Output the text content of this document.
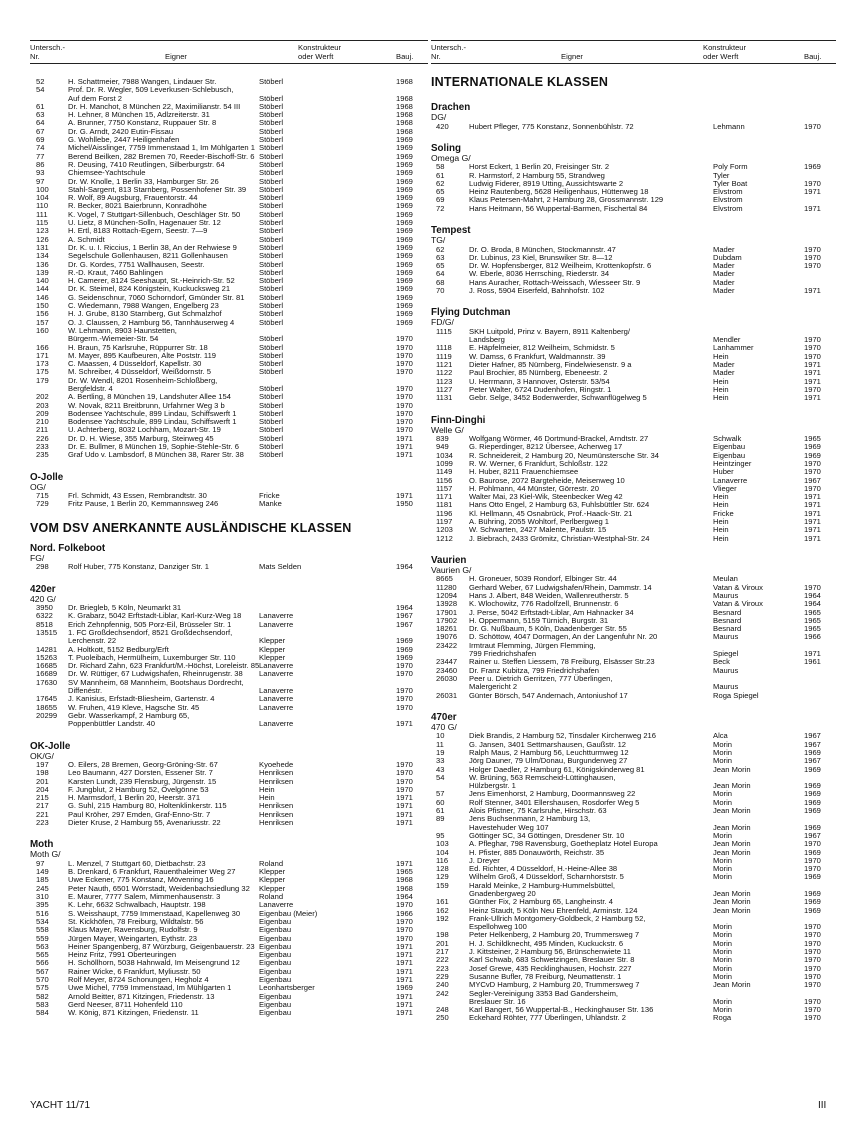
Untersch.-
Nr.	Eigner
Konstrukteur
oder Werft	Bauj.
52	H. Schattmeier, 7988 Wangen, Lindauer Str.	Stöberl	1968
54	Prof. Dr. R. Wegler, 509 Leverkusen-Schlebusch,
Auf dem Forst 2	Stöberl	1968
61	Dr. H. Manchot, 8 München 22, Maximilianstr. 54 III Stöberl	1968
63	H. Lehner, 8 München 15, Adlzreiterstr. 31	Stöberl	1968
64	A. Brunner, 7750 Konstanz, Ruppauer Str. 8	Stöberl	1968
67	Dr. G. Arndt, 2420 Eutin-Fissau	Stöberl	1968
69	G. Wohllebe, 2447 Heiligenhafen	Stöberl	1969
74	Michel/Aisslinger, 7759 Immenstaad 1, Im Mühlgarten 1 Stöberl	1969
77	Berend Beilken, 282 Bremen 70, Reeder-Bischoff-Str. 6 Stöberl	1969
86	R. Deusing, 7410 Reutlingen, Silberburgstr. 64	Stöberl	1969
93	Chiemsee-Yachtschule	Stöberl	1969
97	Dr. W. Knolle, 1 Berlin 33, Hamburger Str. 26	Stöberl	1969
100	Stahl-Sargent, 813 Starnberg, Possenhofener Str. 39 Stöberl	1969
104	R. Wolf, 89 Augsburg, Frauentorstr. 44	Stöberl	1969
110	R. Becker, 8021 Baierbrunn, Konradhöhe	Stöberl	1969
111	K. Vogel, 7 Stuttgart-Sillenbuch, Oeschläger Str. 50 Stöberl	1969
115	U. Lietz, 8 München-Solln, Hagenauer Str. 12	Stöberl	1969
123	H. Ertl, 8183 Rottach-Egern, Seestr. 7—9	Stöberl	1969
126	A. Schmidt	Stöberl	1969
131	Dr. K. u. I. Riccius, 1 Berlin 38, An der Rehwiese 9	Stöberl	1969
134	Segelschule Gollenhausen, 8211 Gollenhausen	Stöberl	1969
136	Dr. G. Kordes, 7751 Wallhausen, Seestr.	Stöberl	1969
139	R.-D. Kraut, 7460 Bahlingen	Stöberl	1969
140	H. Camerer, 8124 Seeshaupt, St.-Heinrich-Str. 52	Stöberl	1969
144	Dr. K. Steimel, 824 Königstein, Kuckucksweg 21	Stöberl	1969
146	G. Seidenschnur, 7060 Schorndorf, Gmünder Str. 81 Stöberl	1969
150	C. Wiedemann, 7988 Wangen, Engelberg 23	Stöberl	1969
156	H. J. Grube, 8130 Starnberg, Gut Schmalzhof	Stöberl	1969
157	O. J. Claussen, 2 Hamburg 56, Tannhäuserweg 4	Stöberl	1969
160	W. Lehmann, 8903 Haunstetten,
Bürgerm.-Wiemeier-Str. 54	Stöberl	1970
166	H. Braun, 75 Karlsruhe, Rüppurrer Str. 18	Stöberl	1970
171	M. Mayer, 895 Kaufbeuren, Alte Poststr. 119	Stöberl	1970
173	C. Maassen, 4 Düsseldorf, Kapellstr. 30	Stöberl	1970
175	M. Schreiber, 4 Düsseldorf, Weißdornstr. 5	Stöberl	1970
179	Dr. W. Wendl, 8201 Rosenheim-Schloßberg,
Bergfeldstr. 4	Stöberl	1970
202	A. Bertling, 8 München 19, Landshuter Allee 154	Stöberl	1970
203	W. Novak, 8211 Breitbrunn, Urfahrner Weg 3 b	Stöberl	1970
209	Bodensee Yachtschule, 899 Lindau, Schiffswerft 1	Stöberl	1970
210	Bodensee Yachtschule, 899 Lindau, Schiffswerft 1	Stöberl	1970
211	U. Achterberg, 8032 Lochham, Mozart-Str. 19	Stöberl	1970
226	Dr. D. H. Wiese, 355 Marburg, Steinweg 45	Stöberl	1971
233	Dr. E. Bullmer, 8 München 19, Sophie-Stehle-Str. 6	Stöberl	1971
235	Graf Udo v. Lambsdorf, 8 München 38, Rarer Str. 38 Stöberl	1971
O-Jolle
OG/
715	Frl. Schmidt, 43 Essen, Rembrandtstr. 30	Fricke	1971
729	Fritz Pause, 1 Berlin 20, Kemmannsweg 246	Manke	1950
VOM DSV ANERKANNTE AUSLÄNDISCHE KLASSEN
Nord. Folkeboot
FG/
298	Rolf Huber, 775 Konstanz, Danziger Str. 1	Mats Selden	1964
420er
420 G/
3950 Dr. Briegleb, 5 Köln, Neumarkt 31	1964
6322 K. Grabarz, 5042 Erftstadt-Liblar, Karl-Kurz-Weg 18 Lanaverre	1967
8518 Erich Zehnpfennig, 505 Porz-Eil, Brüsseler Str. 1	Lanaverre	1967
13515 1. FC Großdechsendorf, 8521 Großdechsendorf,
Lerchenstr. 22	Klepper	1969
14281 A. Holtkott, 5152 Bedburg/Erft	Klepper	1969
15263 T. Puoleibach, Hermülheim, Luxemburger Str. 110	Klepper	1969
16685 Dr. Richard Zahn, 623 Frankfurt/M.-Höchst, Loreleistr. 85 Lanaverre	1970
16689 Dr. W. Rüttiger, 67 Ludwigshafen, Rheinrugenstr. 38 Lanaverre	1970
17630 SV Mannheim, 68 Mannheim, Bootshaus Dordrecht,
Diffenéstr.	Lanaverre	1970
17645 J. Kanisius, Erfstadt-Bliesheim, Gartenstr. 4	Lanaverre	1970
18655 W. Fruhen, 419 Kleve, Hagsche Str. 45	Lanaverre	1970
20299 Gebr. Wasserkampf, 2 Hamburg 65,
Poppenbüttler Landstr. 40	Lanaverre	1971
OK-Jolle
OK/G/
197	O. Eilers, 28 Bremen, Georg-Gröning-Str. 67	Kyoehede	1970
198	Leo Baumann, 427 Dorsten, Essener Str. 7	Henriksen	1970
201	Karsten Lundt, 239 Flensburg, Jürgenstr. 15	Henriksen	1970
204	F. Jungblut, 2 Hamburg 52, Övelgönne 53	Hein	1970
215	H. Marmsdorf, 1 Berlin 20, Heerstr. 371	Hein	1971
217	G. Suhl, 215 Hamburg 80, Holtenklinkerstr. 115	Henriksen	1971
221	Paul Kröher, 297 Emden, Graf-Enno-Str. 7	Henriksen	1971
223	Dieter Kruse, 2 Hamburg 55, Avenariusstr. 22	Henriksen	1971
Moth
Moth G/
97	L. Menzel, 7 Stuttgart 60, Dietbachstr. 23	Roland	1971
149	B. Drenkard, 6 Frankfurt, Rauenthaleimer Weg 27	Klepper	1965
185	Uwe Eckener, 775 Konstanz, Mövenring 16	Klepper	1968
245	Peter Nauth, 6501 Wörrstadt, Weidenbachsiedlung 32 Klepper	1968
310	E. Maurer, 7777 Salem, Mimmenhausenstr. 3	Roland	1964
395	K. Lehr, 6632 Schwalbach, Hauptstr. 198	Lanaverre	1970
516	S. Weisshaupt, 7759 Immenstaad, Kapellenweg 30 Eigenbau (Meier)	1966
534	St. Kickhöfen, 78 Freiburg, Wildtalstr. 56	Eigenbau	1970
558	Klaus Mayer, Ravensburg, Rudolfstr. 9	Eigenbau	1970
559	Jürgen Mayer, Weingarten, Eythstr. 23	Eigenbau	1970
563	Heiner Spangenberg, 87 Würzburg, Geigenbauerstr. 23 Eigenbau	1971
565	Heinz Fritz, 7991 Oberteuringen	Eigenbau	1971
566	H. Schöllhorn, 5038 Hahnwald, Im Meisengrund 12	Eigenbau	1971
567	Rainer Wicke, 6 Frankfurt, Myliusstr. 50	Eigenbau	1971
570	Rolf Meyer, 8724 Schonungen, Hegholz 4	Eigenbau	1971
575	Uwe Michel, 7759 Immenstaad, Im Mühlgarten 1	Leonhartsberger	1969
582	Arnold Beitter, 871 Kitzingen, Friedenstr. 13	Eigenbau	1971
583	Gerd Neeser, 8711 Hohenfeld 110	Eigenbau	1971
584	W. König, 871 Kitzingen, Friedenstr. 11	Eigenbau	1971
Untersch.-
Nr.	Eigner
Konstrukteur
oder Werft	Bauj.
INTERNATIONALE KLASSEN
Drachen
DG/
420	Hubert Pfleger, 775 Konstanz, Sonnenbühlstr. 72	Lehmann	1970
Soling
Omega G/
58	Horst Eckert, 1 Berlin 20, Freisinger Str. 2	Poly Form	1969
61	R. Harmstorf, 2 Hamburg 55, Strandweg	Tyler
62	Ludwig Fiderer, 8919 Utting, Aussichtswarte 2	Tyler Boat	1970
65	Heinz Rautenberg, 5628 Heiligenhaus, Hüttenweg 18	Elvstrom	1971
69	Klaus Petersen-Mahrt, 2 Hamburg 28, Grossmannstr. 129	Elvstrom
72	Hans Heitmann, 56 Wuppertal-Barmen, Fischertal 84	Elvstrom	1971
Tempest
TG/
62	Dr. O. Broda, 8 München, Stockmannstr. 47	Mader	1970
63	Dr. Lubinus, 23 Kiel, Brunswiker Str. 8—12	Dubdam	1970
65	Dr. W. Hopfensberger, 812 Weilheim, Krottenkopfstr. 6	Mader	1970
64	W. Eberle, 8036 Herrsching, Riederstr. 34	Mader
68	Hans Auracher, Rottach-Weissach, Wiesseer Str. 9	Mader
70	J. Ross, 5904 Eiserfeld, Bahnhofstr. 102	Mader	1971
Flying Dutchman
FD/G/
1115 SKH Luitpold, Prinz v. Bayern, 8911 Kaltenberg/
Landsberg	Mendler	1970
1118 E. Häpfelmeier, 812 Weilheim, Schmidstr. 5	Lanhammer	1970
1119 W. Damss, 6 Frankfurt, Waldmannstr. 39	Hein	1970
1121 Dieter Hafner, 85 Nürnberg, Findelwiesenstr. 9 a	Mader	1971
1122 Paul Brochier, 85 Nürnberg, Ebeneestr. 2	Mader	1971
1123 U. Herrmann, 3 Hannover, Osterstr. 53/54	Hein	1971
1127 Peter Walter, 6724 Dudenhofen, Ringstr. 1	Hein	1970
1131 Gebr. Selge, 3452 Bodenwerder, Schwanflügelweg 5	Hein	1971
Finn-Dinghi
Welle G/
839	Wolfgang Wörmer, 46 Dortmund-Brackel, Arndtstr. 27	Schwalk	1965
949	G. Rieperdinger, 8212 Übersee, Acherweg 17	Eigenbau	1969
1034 R. Schneidereit, 2 Hamburg 20, Neumünstersche Str. 34	Eigenbau	1969
1099 R. W. Werner, 6 Frankfurt, Schloßstr. 122	Heintzinger	1970
1149 H. Huber, 8211 Frauenchiemsee	Huber	1970
1156 O. Baurose, 2072 Bargteheide, Meisenweg 10	Lanaverre	1967
1157 H. Pohlmann, 44 Münster, Görrestr. 20	Vlieger	1970
1171 Walter Mai, 23 Kiel-Wik, Steenbecker Weg 42	Hein	1971
1181 Hans Otto Engel, 2 Hamburg 63, Fuhlsbüttler Str. 624	Hein	1971
1196 Kl. Hellmann, 45 Osnabrück, Prof.-Haack-Str. 21	Fricke	1971
1197 A. Bühring, 2055 Wohltorf, Perlbergweg 1	Hein	1971
1203 W. Schwarten, 2427 Malente, Paulstr. 15	Hein	1971
1212 J. Biebrach, 2433 Grömitz, Christian-Westphal-Str. 24	Hein	1971
Vaurien
Vaurien G/
8665 H. Groneuer, 5039 Rondorf, Elbinger Str. 44	Meulan
11280 Gerhard Weber, 67 Ludwigshafen/Rhein, Dammstr. 14	Vatan & Viroux	1970
12094 Hans J. Albert, 848 Weiden, Wallenreutherstr. 5	Maurus	1964
13928 K. Wlochowitz, 776 Radolfzell, Brunnenstr. 6	Vatan & Viroux	1964
17901 J. Perse, 5042 Erftstadt-Liblar, Am Hahnacker 34	Besnard	1965
17902 H. Oppermann, 5159 Türnich, Burgstr. 31	Besnard	1965
18261 Dr. G. Nußbaum, 5 Köln, Daadenberger Str. 55	Besnard	1965
19076 D. Schöttow, 4047 Dormagen, An der Langenfuhr Nr. 20	Maurus	1966
23422 Irmtraut Flemming, Jürgen Flemming,
799 Friedrichshafen	Spiegel	1971
23447 Rainer u. Steffen Liessem, 78 Freiburg, Elsässer Str.23	Beck	1961
23460 Dr. Franz Kubitza, 799 Friedrichshafen	Maurus
26030 Peer u. Dietrich Gerritzen, 777 Überlingen,
Malergericht 2	Maurus
26031 Günter Börsch, 547 Andernach, Antoniushof 17	Roga Spiegel
470er
470 G/
10	Diek Brandis, 2 Hamburg 52, Tinsdaler Kirchenweg 216	Alca	1967
11	G. Jansen, 3401 Settmarshausen, Gaußstr. 12	Morin	1967
19	Ralph Maus, 2 Hamburg 56, Leuchtturmweg 12	Morin	1969
33	Jörg Dauner, 79 Ulm/Donau, Burgunderweg 27	Morin	1967
43	Holger Daedler, 2 Hamburg 61, Königskinderweg 81	Jean Morin	1969
54	W. Brüning, 563 Remscheid-Lüttinghausen,
Hülzbergstr. 1	Jean Morin	1969
57	Jens Eimenhorst, 2 Hamburg, Doormannsweg 22	Morin	1969
60	Rolf Stenner, 3401 Ellershausen, Rosdorfer Weg 5	Morin	1969
61	Alois Pfistner, 75 Karlsruhe, Hirschstr. 63	Jean Morin	1969
89	Jens Buchsenmann, 2 Hamburg 13,
Havestehuder Weg 107	Jean Morin	1969
95	Göttinger SC, 34 Göttingen, Dresdener Str. 10	Morin	1967
103	A. Pfleghar, 798 Ravensburg, Goetheplatz Hotel Europa	Jean Morin	1970
104	H. Pfister, 885 Donauwörth, Reichstr. 35	Jean Morin	1969
116	J. Dreyer	Morin	1970
128	Ed. Richter, 4 Düsseldorf, H.-Heine-Allee 38	Morin	1970
129	Wilhelm Groß, 4 Düsseldorf, Scharnhorststr. 5	Morin	1969
159	Harald Meinke, 2 Hamburg-Hummelsbüttel,
Gnadenbergweg 20	Jean Morin	1969
161	Günther Fix, 2 Hamburg 65, Langheinstr. 4	Jean Morin	1969
162	Heinz Staudt, 5 Köln Neu Ehrenfeld, Arminstr. 124	Jean Morin	1969
192	Frank-Ullrich Montgomery-Goldbeck, 2 Hamburg 52,
Espellohweg 100	Morin	1970
198	Peter Helkenberg, 2 Hamburg 20, Trummersweg 7	Morin	1970
201	H. J. Schildknecht, 495 Minden, Kuckuckstr. 6	Morin	1970
217	J. Kittsteiner, 2 Hamburg 56, Brünschenwiete 11	Morin	1970
222	Karl Schwab, 683 Schwetzingen, Breslauer Str. 8	Morin	1970
223	Josef Grewe, 435 Recklinghausen, Hochstr. 227	Morin	1970
229	Susanne Bufler, 78 Freiburg, Neumattenstr. 1	Morin	1970
240	MYCvD Hamburg, 2 Hamburg 20, Trummersweg 7	Jean Morin	1970
242	Segler-Vereinigung 3353 Bad Gandersheim,
Breslauer Str. 16	Morin	1970
248	Karl Bangert, 56 Wuppertal-B., Heckinghauser Str. 136	Morin	1970
250	Eckehard Röhter, 777 Überlingen, Uhlandstr. 2	Roga	1970
YACHT 11/71	III
